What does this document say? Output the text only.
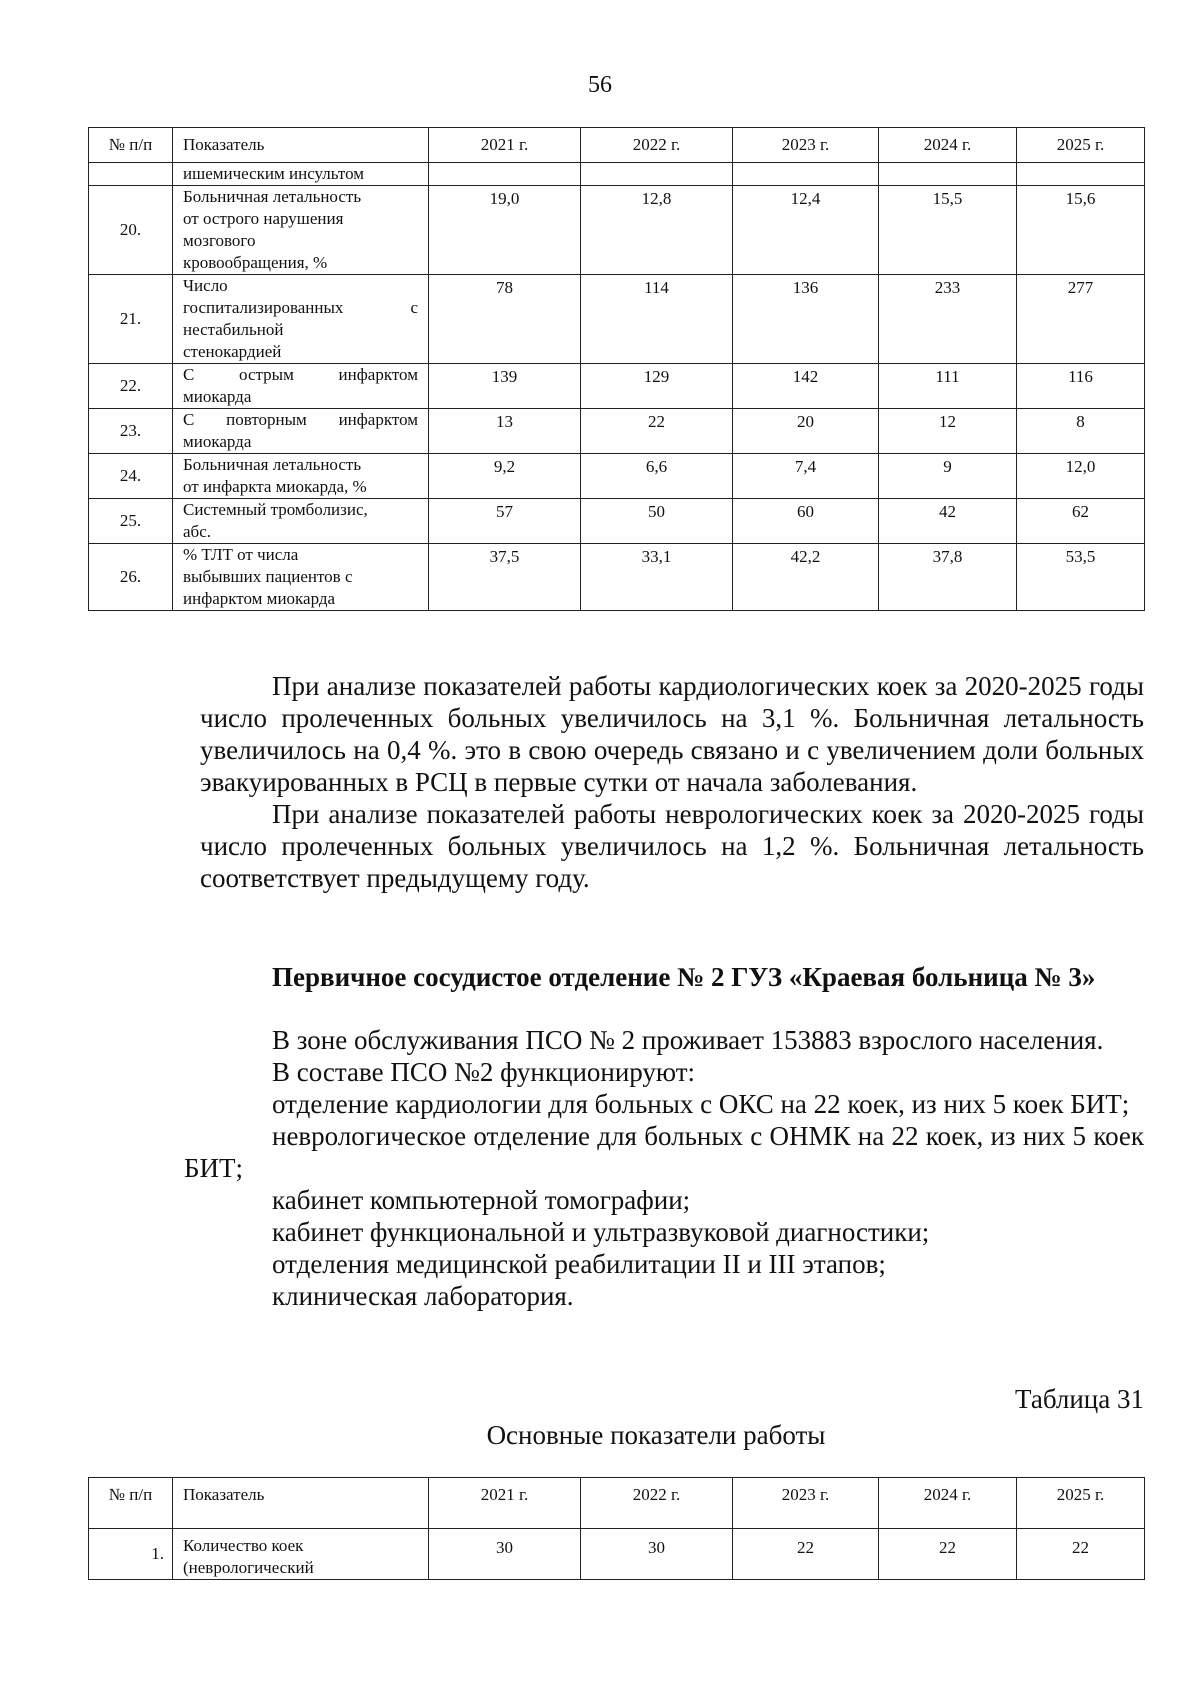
56
№ п/п	Показатель	2021 г.	2022 г.	2023 г.	2024 г.	2025 г.
	ишемическим инсультом					
20.	Больничная летальность
от острого нарушения
мозгового
кровообращения, %	19,0	12,8	12,4	15,5	15,6
21.	Число
госпитализированных с
нестабильной
стенокардией	78	114	136	233	277
22.	С острым инфарктом
миокарда	139	129	142	111	116
23.	С повторным инфарктом
миокарда	13	22	20	12	8
24.	Больничная летальность
от инфаркта миокарда, %	9,2	6,6	7,4	9	12,0
25.	Системный тромболизис,
абс.	57	50	60	42	62
26.	% ТЛТ от числа
выбывших пациентов с
инфарктом миокарда	37,5	33,1	42,2	37,8	53,5

При анализе показателей работы кардиологических коек за 2020-2025 годы число пролеченных больных увеличилось на 3,1 %. Больничная летальность увеличилось на 0,4 %. это в свою очередь связано и с увеличением доли больных эвакуированных в РСЦ в первые сутки от начала заболевания.

При анализе показателей работы неврологических коек за 2020-2025 годы число пролеченных больных увеличилось на 1,2 %. Больничная летальность соответствует предыдущему году.

Первичное сосудистое отделение № 2 ГУЗ «Краевая больница № 3»

В зоне обслуживания ПСО № 2 проживает 153883 взрослого населения.

В составе ПСО №2 функционируют:

отделение кардиологии для больных с ОКС на 22 коек, из них 5 коек БИТ;

неврологическое отделение для больных с ОНМК на 22 коек, из них 5 коек БИТ;

кабинет компьютерной томографии;

кабинет функциональной и ультразвуковой диагностики;

отделения медицинской реабилитации II и III этапов;

клиническая лаборатория.

Таблица 31
Основные показатели работы
№ п/п	Показатель	2021 г.	2022 г.	2023 г.	2024 г.	2025 г.
1.	Количество коек
(неврологический	30	30	22	22	22
